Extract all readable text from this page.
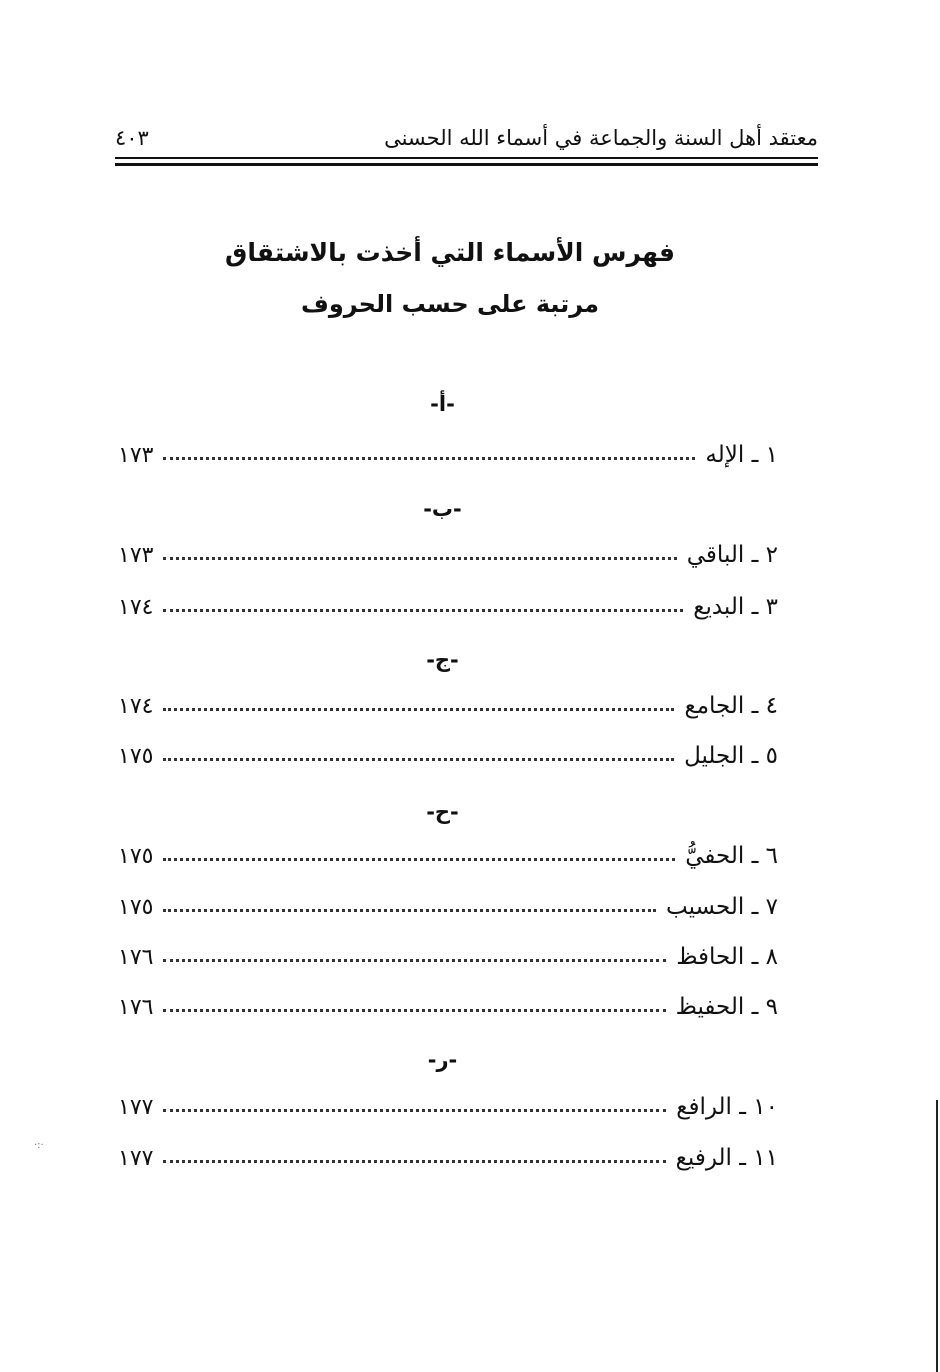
معتقد أهل السنة والجماعة في أسماء الله الحسنى
٤٠٣
فهرس الأسماء التي أخذت بالاشتقاق
مرتبة على حسب الحروف
-أ-
١ ـ الإله
١٧٣
-ب-
٢ ـ الباقي
١٧٣
٣ ـ البديع
١٧٤
-ج-
٤ ـ الجامع
١٧٤
٥ ـ الجليل
١٧٥
-ح-
٦ ـ الحفيُّ
١٧٥
٧ ـ الحسيب
١٧٥
٨ ـ الحافظ
١٧٦
٩ ـ الحفيظ
١٧٦
-ر-
١٠ ـ الرافع
١٧٧
١١ ـ الرفيع
١٧٧
·:·
